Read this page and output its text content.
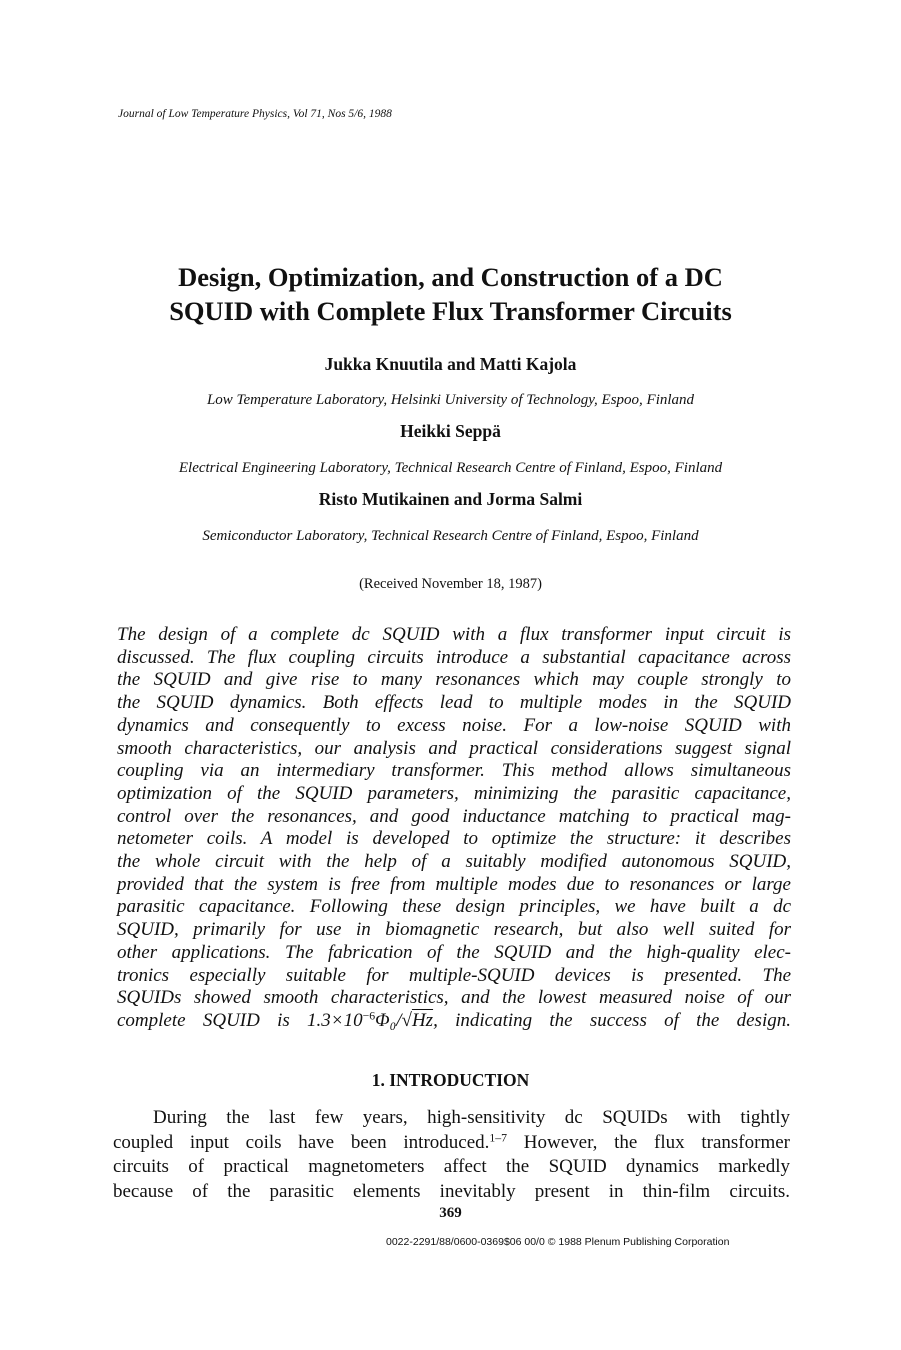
Journal of Low Temperature Physics, Vol 71, Nos 5/6, 1988
Design, Optimization, and Construction of a DC
SQUID with Complete Flux Transformer Circuits
Jukka Knuutila and Matti Kajola
Low Temperature Laboratory, Helsinki University of Technology, Espoo, Finland
Heikki Seppä
Electrical Engineering Laboratory, Technical Research Centre of Finland, Espoo, Finland
Risto Mutikainen and Jorma Salmi
Semiconductor Laboratory, Technical Research Centre of Finland, Espoo, Finland
(Received November 18, 1987)
The design of a complete dc SQUID with a flux transformer input circuit is
discussed. The flux coupling circuits introduce a substantial capacitance across
the SQUID and give rise to many resonances which may couple strongly to
the SQUID dynamics. Both effects lead to multiple modes in the SQUID
dynamics and consequently to excess noise. For a low-noise SQUID with
smooth characteristics, our analysis and practical considerations suggest signal
coupling via an intermediary transformer. This method allows simultaneous
optimization of the SQUID parameters, minimizing the parasitic capacitance,
control over the resonances, and good inductance matching to practical mag-
netometer coils. A model is developed to optimize the structure: it describes
the whole circuit with the help of a suitably modified autonomous SQUID,
provided that the system is free from multiple modes due to resonances or large
parasitic capacitance. Following these design principles, we have built a dc
SQUID, primarily for use in biomagnetic research, but also well suited for
other applications. The fabrication of the SQUID and the high-quality elec-
tronics especially suitable for multiple-SQUID devices is presented. The
SQUIDs showed smooth characteristics, and the lowest measured noise of our
complete SQUID is $1.3\times 10^{-6}\Phi_0/√Hz$, indicating the success of the design.
1. INTRODUCTION
During the last few years, high-sensitivity dc SQUIDs with tightly
coupled input coils have been introduced.$^{1-7}$ However, the flux transformer
circuits of practical magnetometers affect the SQUID dynamics markedly
because of the parasitic elements inevitably present in thin-film circuits.
369
0022-2291/88/0600-0369$06 00/0 © 1988 Plenum Publishing Corporation
